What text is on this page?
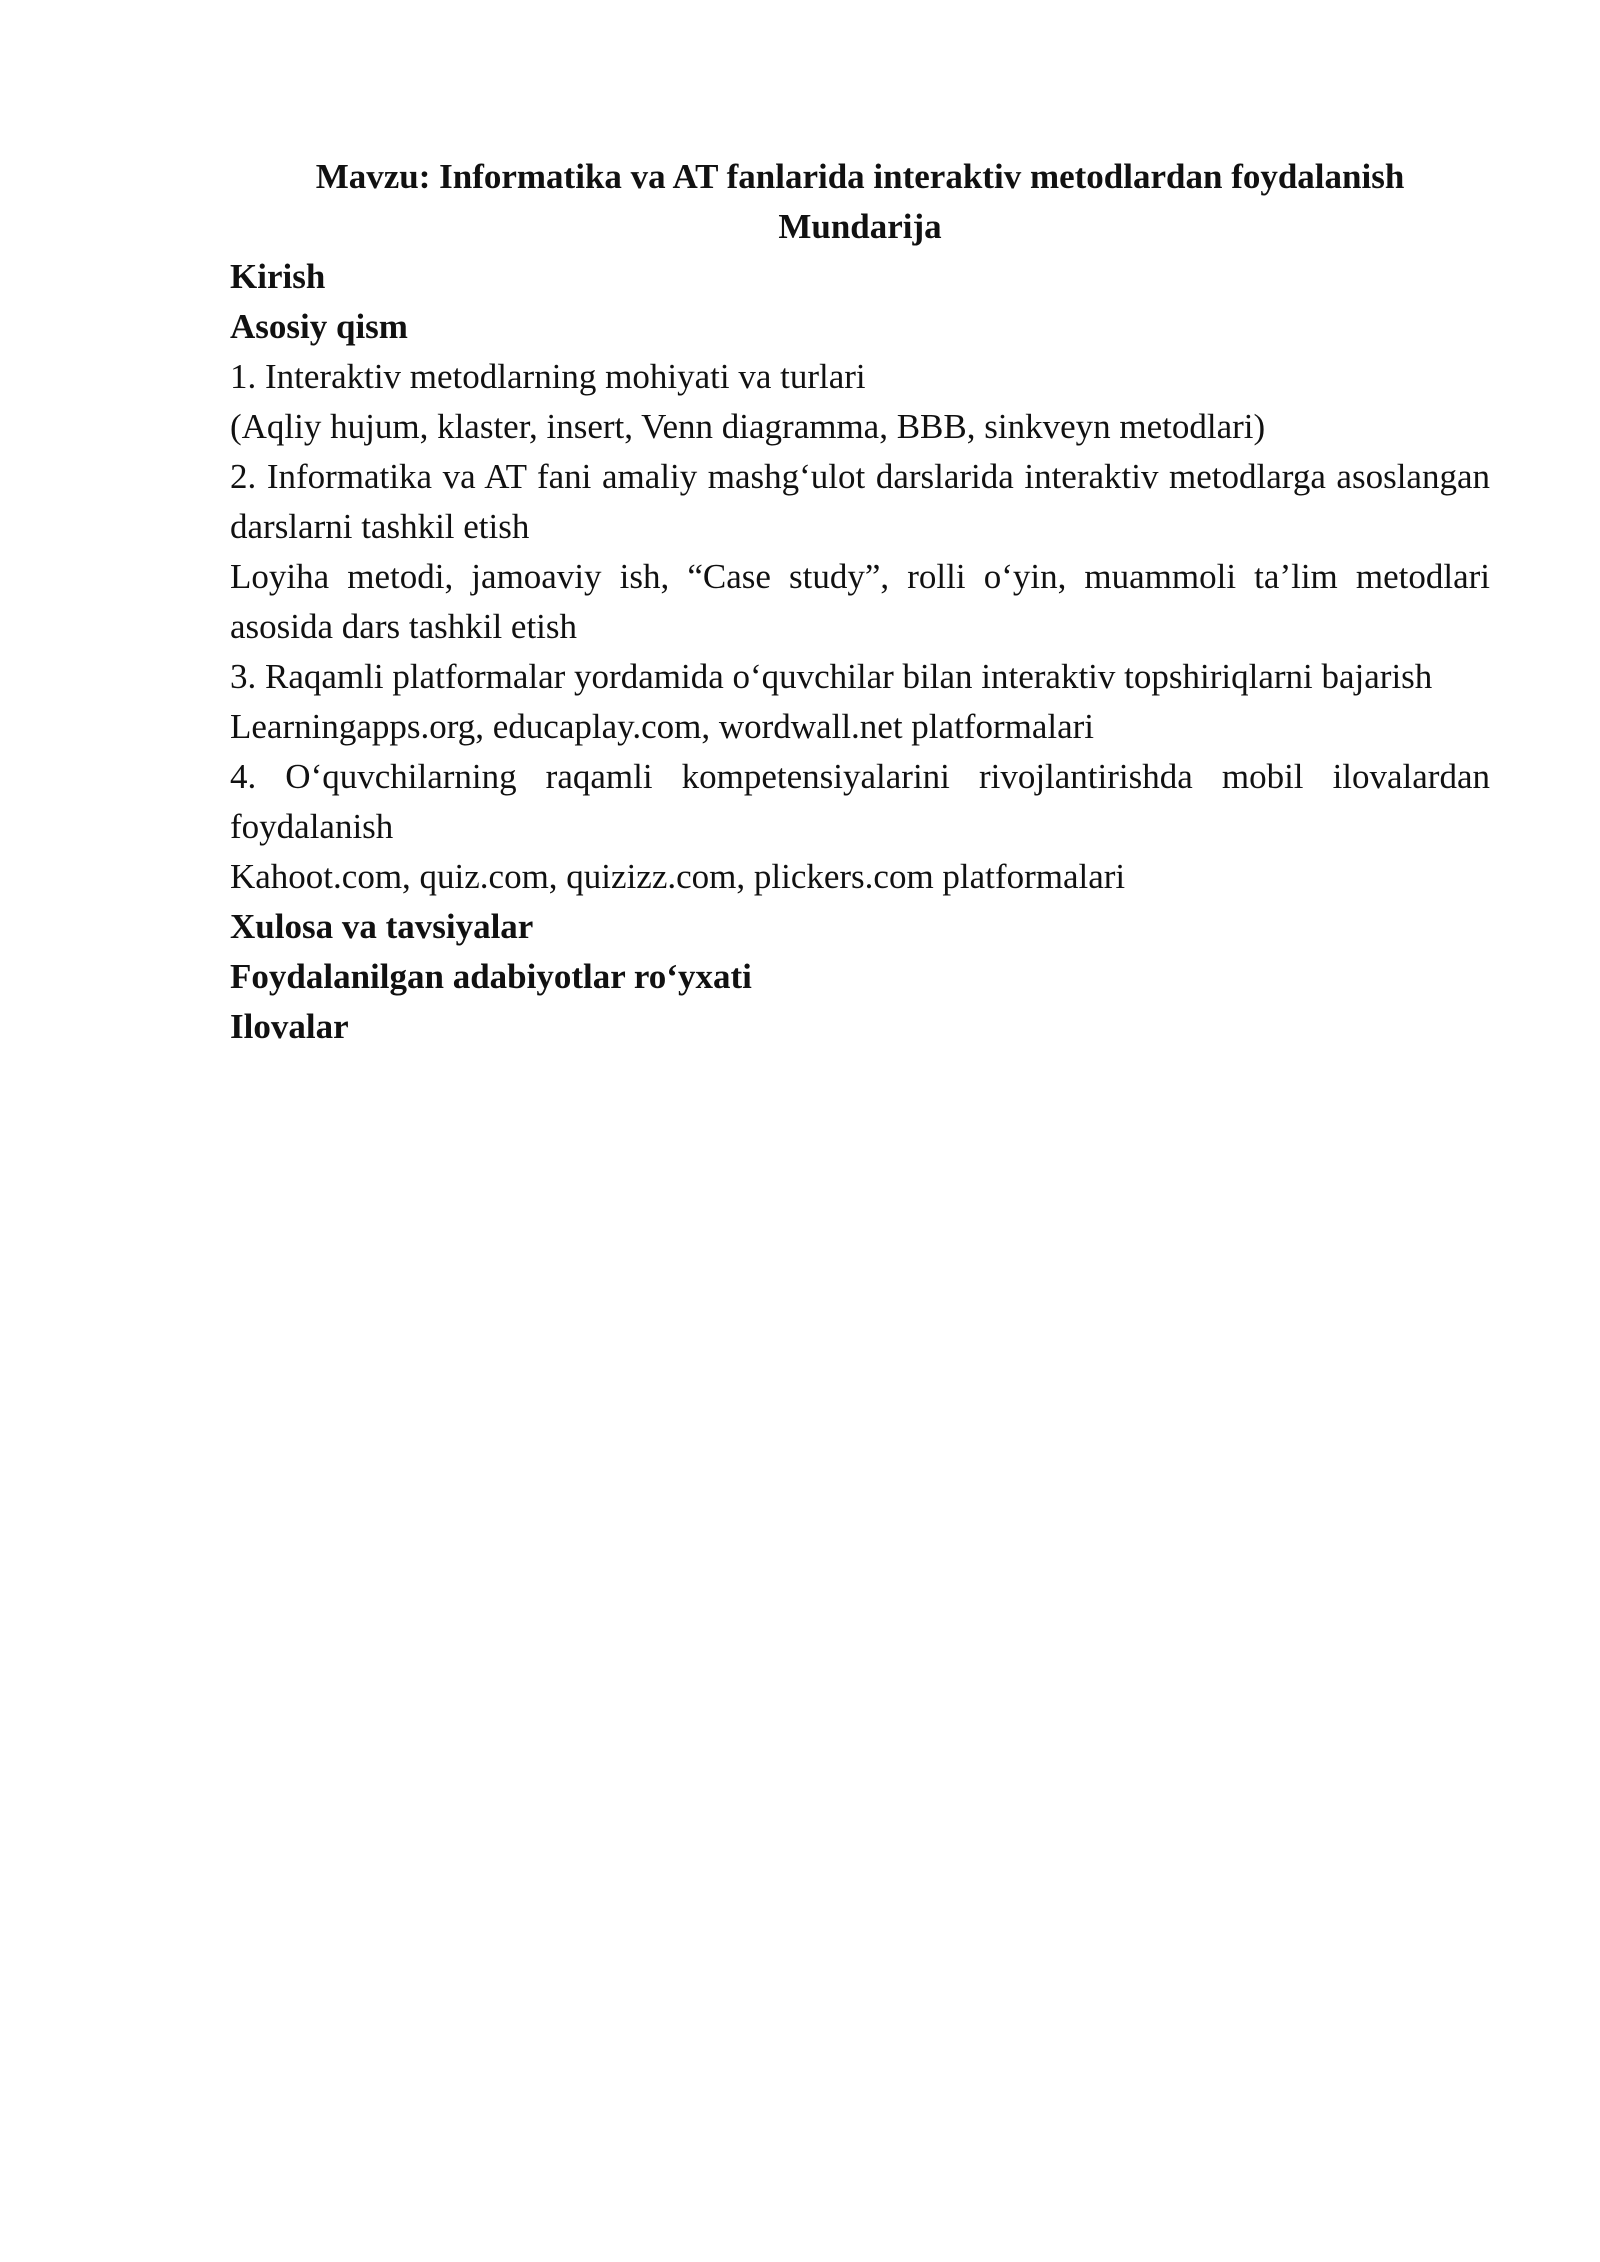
Mavzu: Informatika va AT fanlarida interaktiv metodlardan foydalanish

Mundarija

Kirish

Asosiy qism

1. Interaktiv metodlarning mohiyati va turlari

(Aqliy hujum, klaster, insert, Venn diagramma, BBB, sinkveyn metodlari)

2. Informatika va AT fani amaliy mashg‘ulot darslarida interaktiv metodlarga asoslangan darslarni tashkil etish

Loyiha metodi, jamoaviy ish, “Case study”, rolli o‘yin, muammoli ta’lim metodlari asosida dars tashkil etish

3. Raqamli platformalar yordamida o‘quvchilar bilan interaktiv topshiriqlarni bajarish

Learningapps.org, educaplay.com, wordwall.net platformalari

4. O‘quvchilarning raqamli kompetensiyalarini rivojlantirishda mobil ilovalardan foydalanish

Kahoot.com, quiz.com, quizizz.com, plickers.com platformalari

Xulosa va tavsiyalar

Foydalanilgan adabiyotlar ro‘yxati

Ilovalar
